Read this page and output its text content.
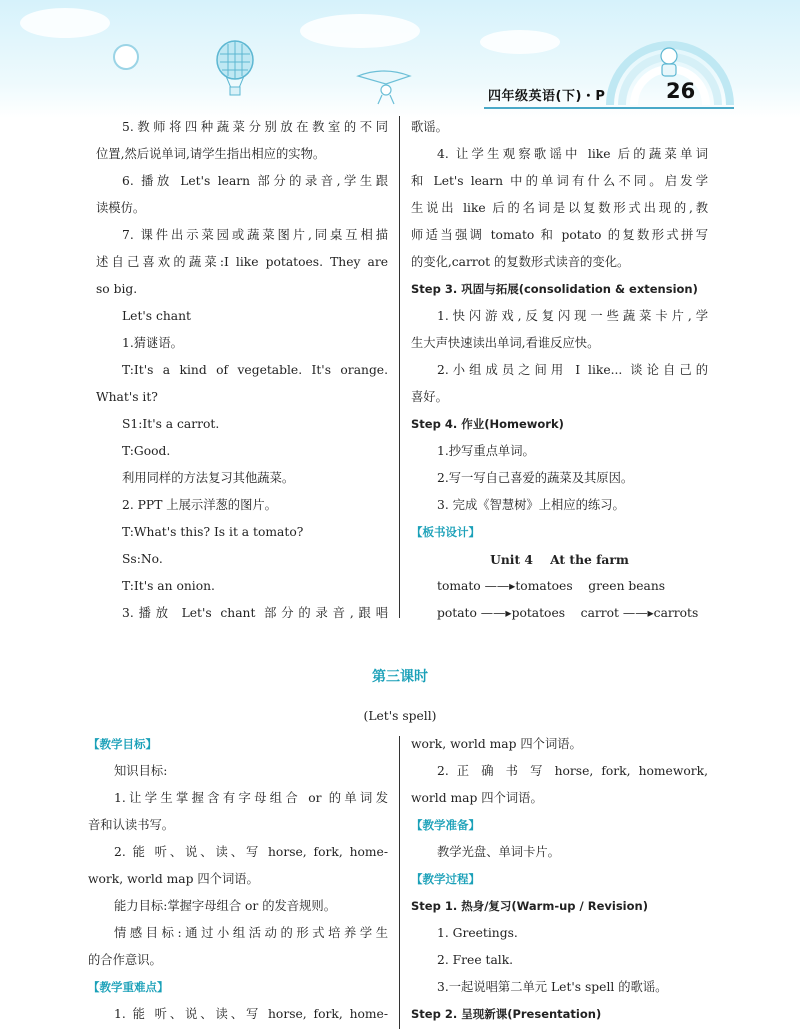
四年级英语(下)・P	26

5.教师将四种蔬菜分别放在教室的不同

位置,然后说单词,请学生指出相应的实物。

6. 播放 Let's learn 部分的录音,学生跟

读模仿。

7. 课件出示菜园或蔬菜图片,同桌互相描

述自己喜欢的蔬菜:I like potatoes. They are

so big.

Let's chant

1.猜谜语。

T:It's a kind of vegetable. It's orange.

What's it?

S1:It's a carrot.

T:Good.

利用同样的方法复习其他蔬菜。

2. PPT 上展示洋葱的图片。

T:What's this? Is it a tomato?

Ss:No.

T:It's an onion.

3.播放 Let's chant 部分的录音,跟唱

歌谣。

4. 让学生观察歌谣中 like 后的蔬菜单词

和 Let's learn 中的单词有什么不同。启发学

生说出 like 后的名词是以复数形式出现的,教

师适当强调 tomato 和 potato 的复数形式拼写

的变化,carrot 的复数形式读音的变化。

Step 3. 巩固与拓展(consolidation & extension)

1.快闪游戏,反复闪现一些蔬菜卡片,学

生大声快速读出单词,看谁反应快。

2.小组成员之间用 I like... 谈论自己的

喜好。

Step 4. 作业(Homework)

1.抄写重点单词。

2.写一写自己喜爱的蔬菜及其原因。

3. 完成《智慧树》上相应的练习。

【板书设计】

Unit 4    At the farm

tomato ——▸tomatoes    green beans

potato ——▸potatoes    carrot ——▸carrots

第三课时
(Let's spell)

【教学目标】

知识目标:

1.让学生掌握含有字母组合 or 的单词发

音和认读书写。

2. 能 听、说、读、写 horse, fork, home-

work, world map 四个词语。

能力目标:掌握字母组合 or 的发音规则。

情感目标:通过小组活动的形式培养学生

的合作意识。

【教学重难点】

1. 能 听、说、读、写 horse, fork, home-

work, world map 四个词语。

2. 正 确 书 写 horse, fork, homework,

world map 四个词语。

【教学准备】

教学光盘、单词卡片。

【教学过程】

Step 1. 热身/复习(Warm-up / Revision)

1. Greetings.

2. Free talk.

3.一起说唱第二单元 Let's spell 的歌谣。

Step 2. 呈现新课(Presentation)
